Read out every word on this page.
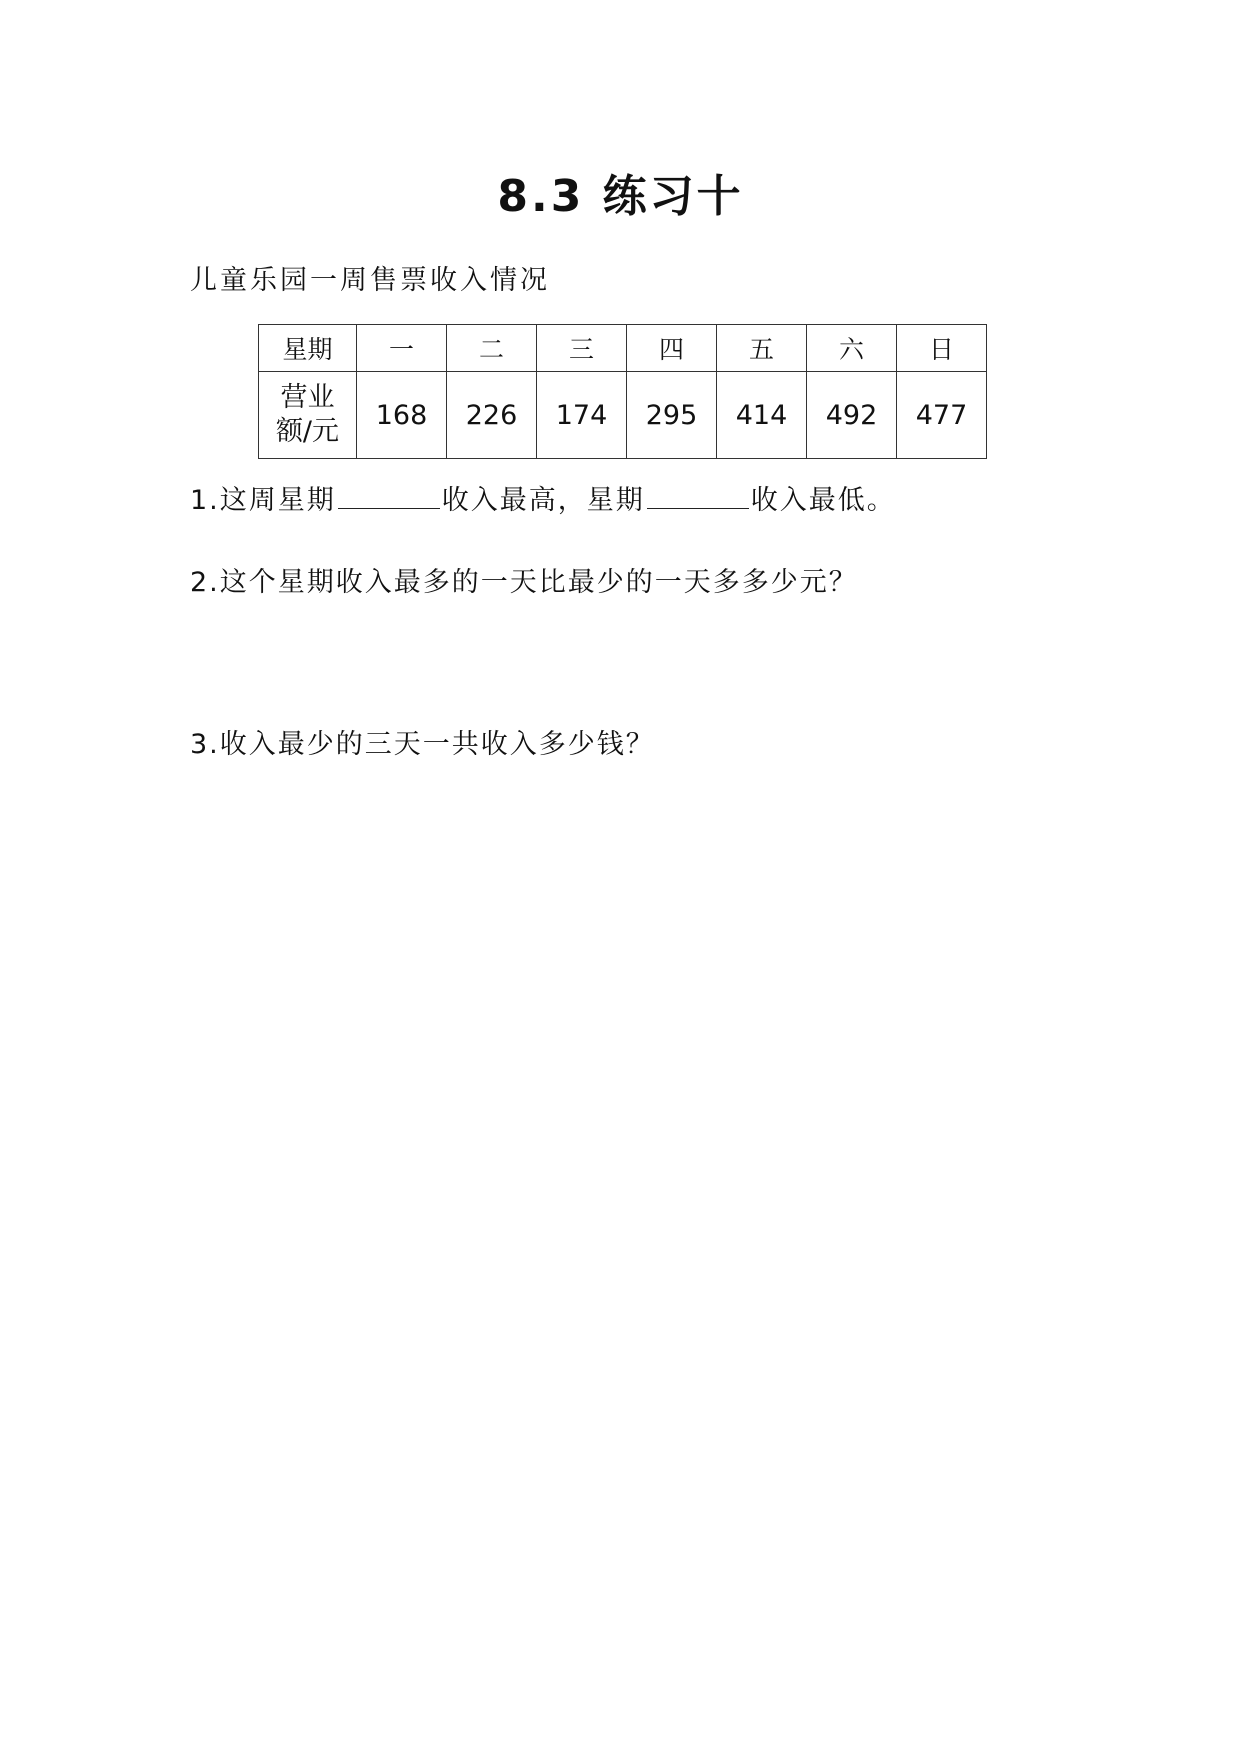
8.3 练习十
儿童乐园一周售票收入情况
星期	一	二	三	四	五	六	日

营业
额/元	168	226	174	295	414	492	477
1.这周星期	收入最高，星期	收入最低。
2.这个星期收入最多的一天比最少的一天多多少元？
3.收入最少的三天一共收入多少钱？
